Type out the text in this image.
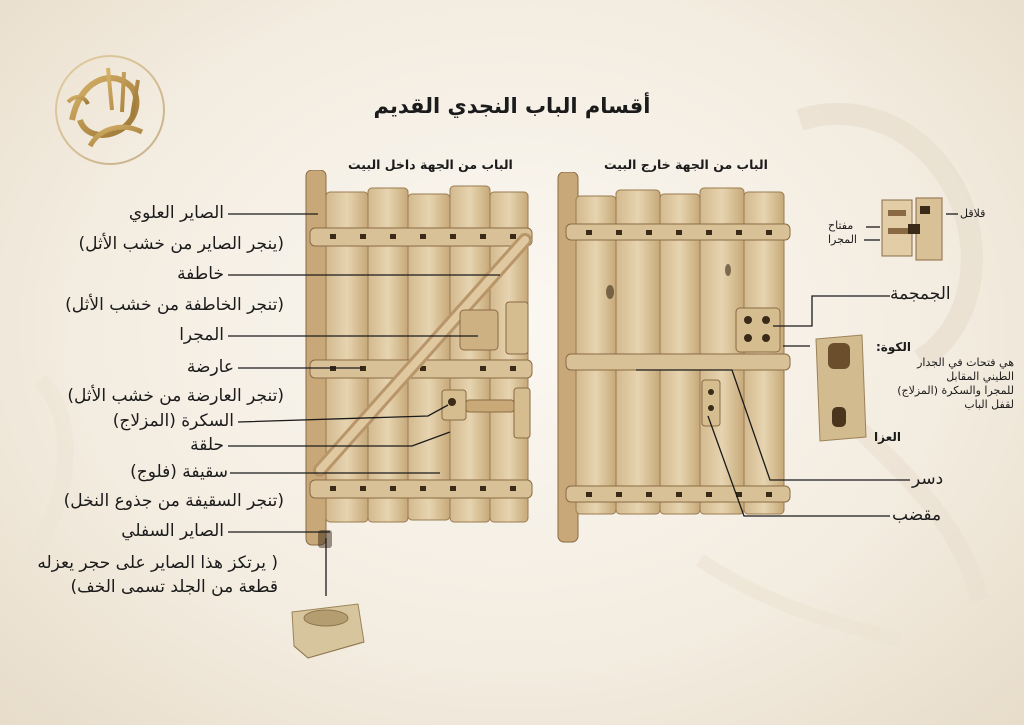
أقسام الباب النجدي القديم
الباب من الجهة داخل البيت	الباب من الجهة خارج البيت
الصاير العلوي
(ينجر الصاير من خشب الأثل)
خاطفة
(تنجر الخاطفة من خشب الأثل)
المجرا
عارضة
(تنجر العارضة من خشب الأثل)
السكرة (المزلاج)
حلقة
سقيفة (فلوج)
(تنجر السقيفة من جذوع النخل)
الصاير السفلي
( يرتكز هذا الصاير على حجر يعزله
قطعة من الجلد تسمى الخف)
قلاقل
مفتاح
المجرا
الجمجمة
الكوة:
هي فتحات في الجدار
الطيني المقابل
للمجرا والسكرة (المزلاج)
لقفل الباب
العزا
دسر
مقضب
